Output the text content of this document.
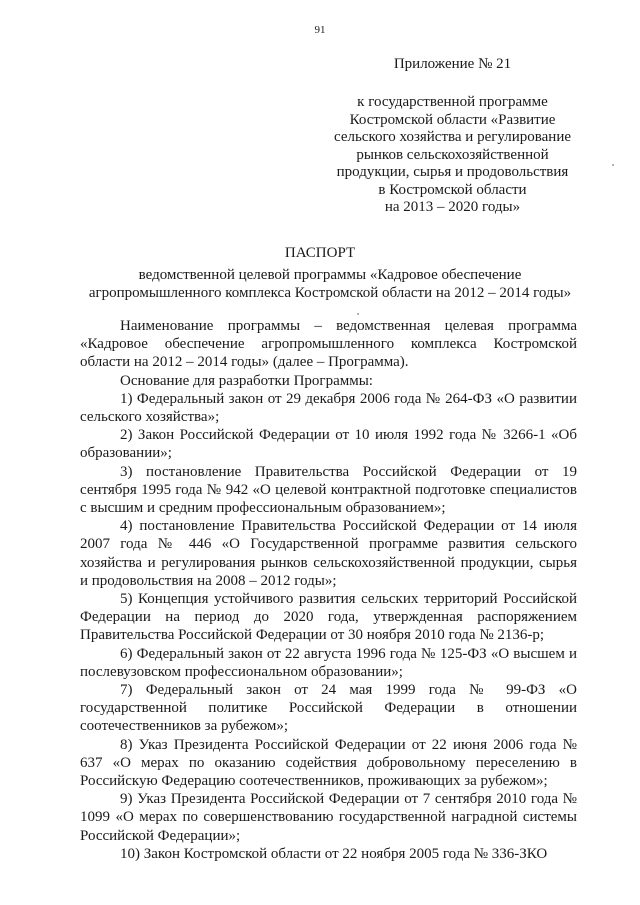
91
Приложение № 21
к государственной программе
Костромской области «Развитие
сельского хозяйства и регулирование
рынков сельскохозяйственной
продукции, сырья и продовольствия
в Костромской области
на 2013 – 2020 годы»
ПАСПОРТ
ведомственной целевой программы «Кадровое обеспечение
агропромышленного комплекса Костромской области на 2012 – 2014 годы»

Наименование программы – ведомственная целевая программа «Кадровое обеспечение агропромышленного комплекса Костромской области на 2012 – 2014 годы» (далее – Программа).

Основание для разработки Программы:

1) Федеральный закон от 29 декабря 2006 года № 264-ФЗ «О развитии сельского хозяйства»;

2) Закон Российской Федерации от 10 июля 1992 года № 3266-1 «Об образовании»;

3) постановление Правительства Российской Федерации от 19 сентября 1995 года № 942 «О целевой контрактной подготовке специалистов с высшим и средним профессиональным образованием»;

4) постановление Правительства Российской Федерации от 14 июля 2007 года № 446 «О Государственной программе развития сельского хозяйства и регулирования рынков сельскохозяйственной продукции, сырья и продовольствия на 2008 – 2012 годы»;

5) Концепция устойчивого развития сельских территорий Российской Федерации на период до 2020 года, утвержденная распоряжением Правительства Российской Федерации от 30 ноября 2010 года № 2136-р;

6) Федеральный закон от 22 августа 1996 года № 125-ФЗ «О высшем и послевузовском профессиональном образовании»;

7) Федеральный закон от 24 мая 1999 года № 99-ФЗ «О государственной политике Российской Федерации в отношении соотечественников за рубежом»;

8) Указ Президента Российской Федерации от 22 июня 2006 года № 637 «О мерах по оказанию содействия добровольному переселению в Российскую Федерацию соотечественников, проживающих за рубежом»;

9) Указ Президента Российской Федерации от 7 сентября 2010 года № 1099 «О мерах по совершенствованию государственной наградной системы Российской Федерации»;

10) Закон Костромской области от 22 ноября 2005 года № 336-ЗКО
